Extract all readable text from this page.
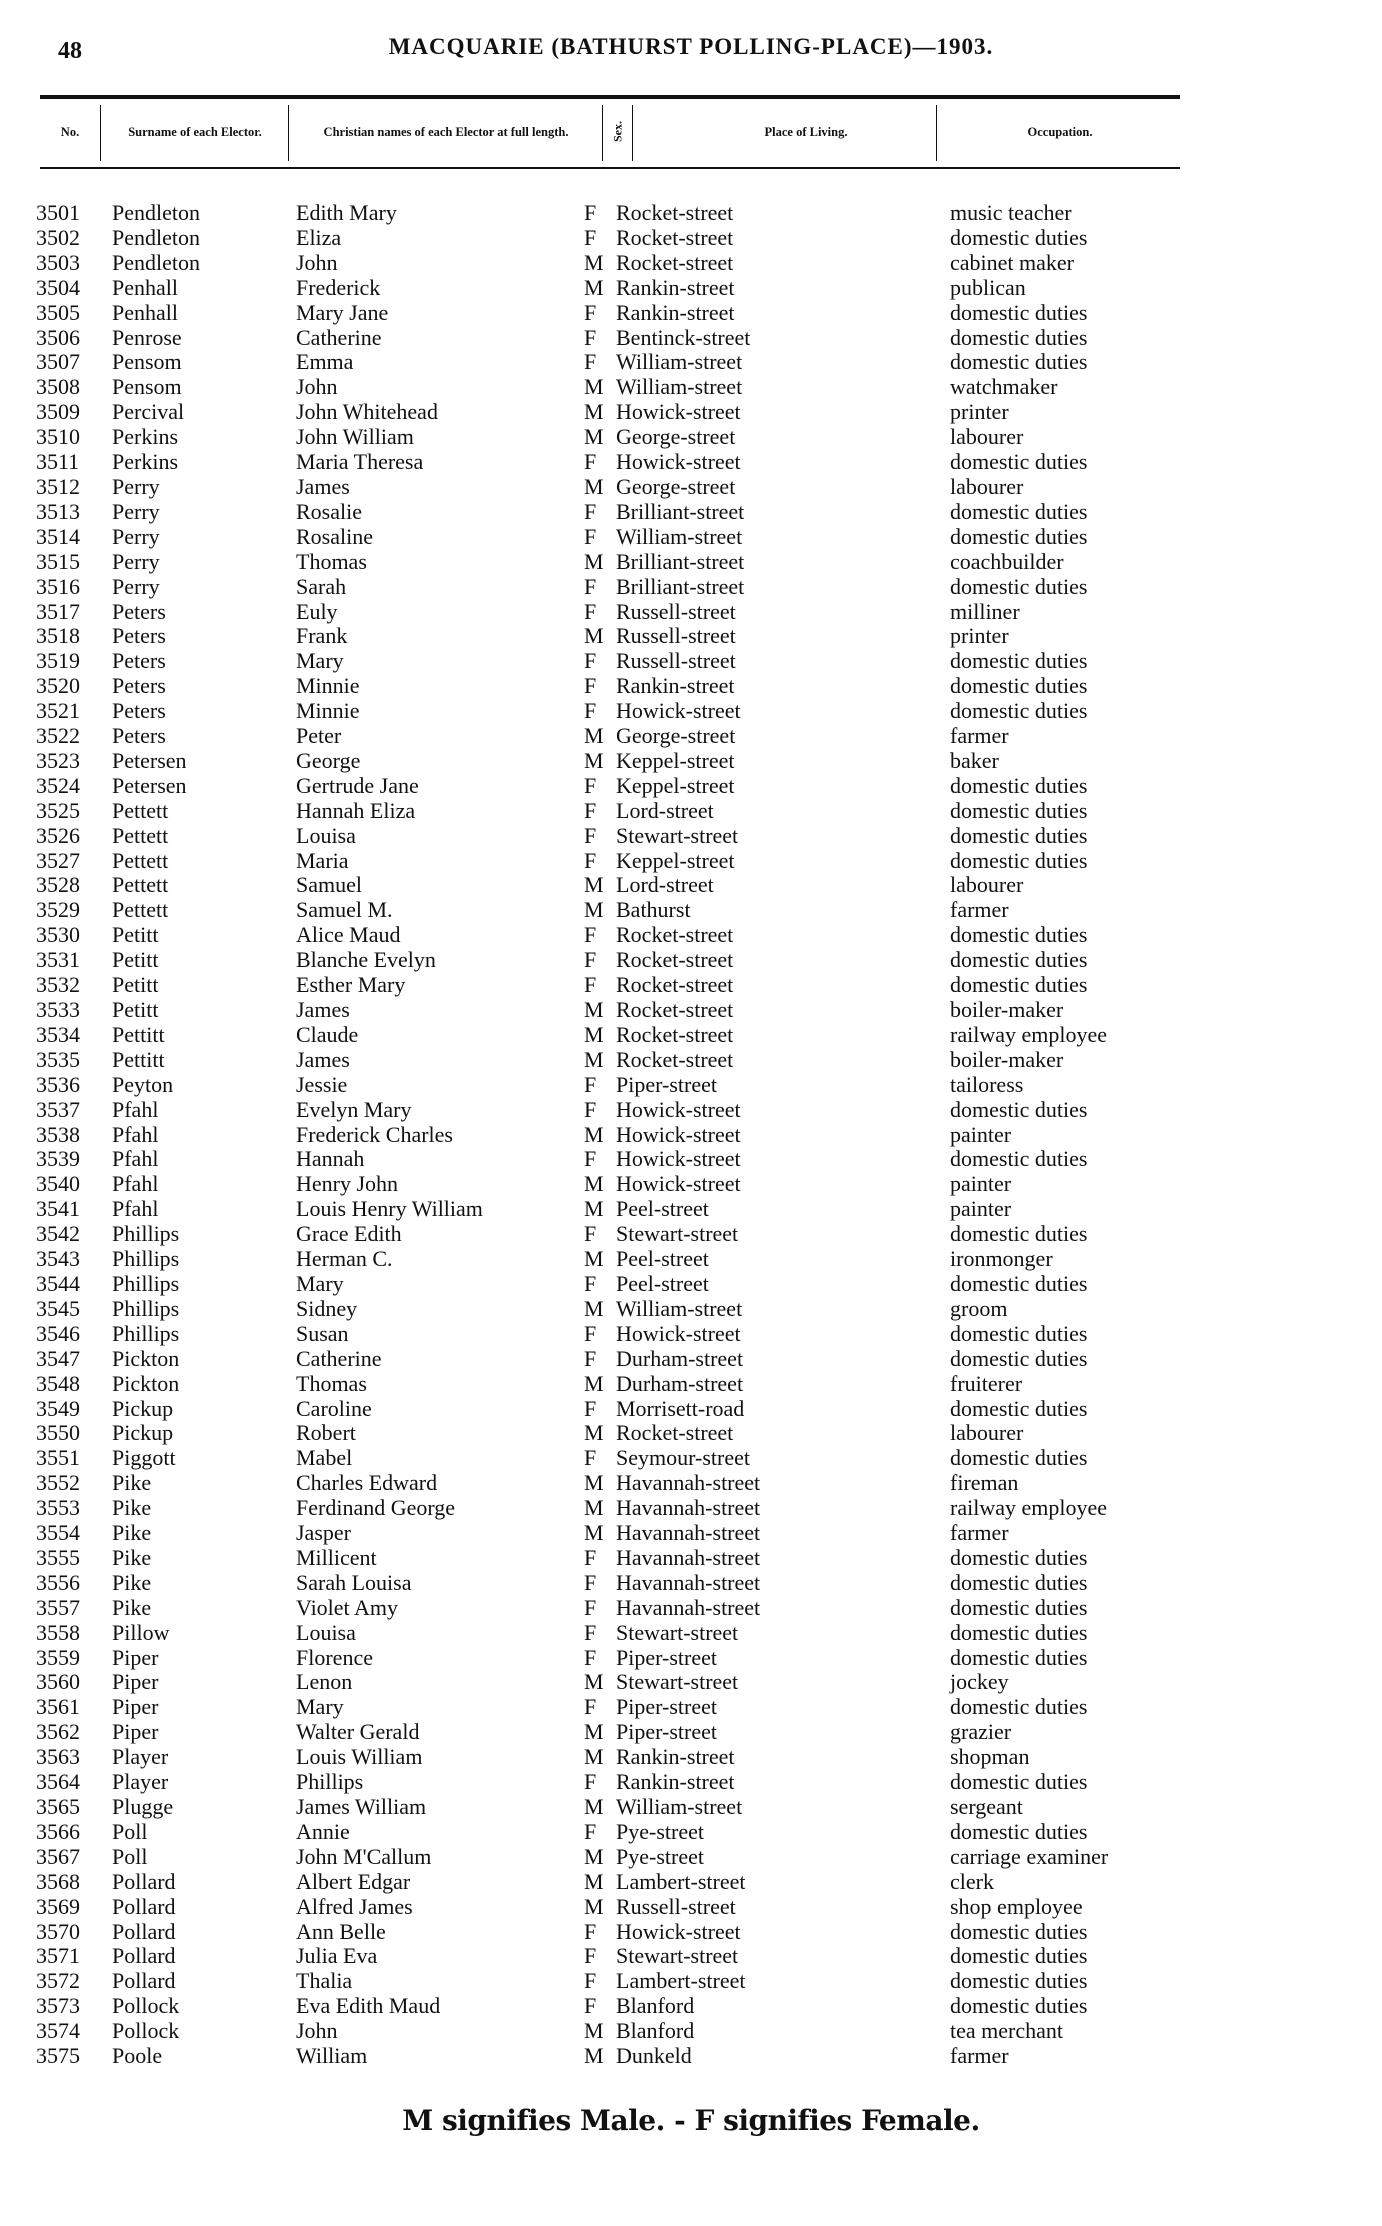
48	MACQUARIE (BATHURST POLLING-PLACE)—1903.
No.	Surname of each Elector.	Christian names of each Elector at full length.	Sex.	Place of Living.	Occupation.
3501 Pendleton	Edith Mary	F Rocket-street	music teacher
3502 Pendleton	Eliza	F Rocket-street	domestic duties
3503 Pendleton	John	M Rocket-street	cabinet maker
3504 Penhall	Frederick	M Rankin-street	publican
3505 Penhall	Mary Jane	F Rankin-street	domestic duties
3506 Penrose	Catherine	F Bentinck-street	domestic duties
3507 Pensom	Emma	F William-street	domestic duties
3508 Pensom	John	M William-street	watchmaker
3509 Percival	John Whitehead	M Howick-street	printer
3510 Perkins	John William	M George-street	labourer
3511 Perkins	Maria Theresa	F Howick-street	domestic duties
3512 Perry	James	M George-street	labourer
3513 Perry	Rosalie	F Brilliant-street	domestic duties
3514 Perry	Rosaline	F William-street	domestic duties
3515 Perry	Thomas	M Brilliant-street	coachbuilder
3516 Perry	Sarah	F Brilliant-street	domestic duties
3517 Peters	Euly	F Russell-street	milliner
3518 Peters	Frank	M Russell-street	printer
3519 Peters	Mary	F Russell-street	domestic duties
3520 Peters	Minnie	F Rankin-street	domestic duties
3521 Peters	Minnie	F Howick-street	domestic duties
3522 Peters	Peter	M George-street	farmer
3523 Petersen	George	M Keppel-street	baker
3524 Petersen	Gertrude Jane	F Keppel-street	domestic duties
3525 Pettett	Hannah Eliza	F Lord-street	domestic duties
3526 Pettett	Louisa	F Stewart-street	domestic duties
3527 Pettett	Maria	F Keppel-street	domestic duties
3528 Pettett	Samuel	M Lord-street	labourer
3529 Pettett	Samuel M.	M Bathurst	farmer
3530 Petitt	Alice Maud	F Rocket-street	domestic duties
3531 Petitt	Blanche Evelyn	F Rocket-street	domestic duties
3532 Petitt	Esther Mary	F Rocket-street	domestic duties
3533 Petitt	James	M Rocket-street	boiler-maker
3534 Pettitt	Claude	M Rocket-street	railway employee
3535 Pettitt	James	M Rocket-street	boiler-maker
3536 Peyton	Jessie	F Piper-street	tailoress
3537 Pfahl	Evelyn Mary	F Howick-street	domestic duties
3538 Pfahl	Frederick Charles	M Howick-street	painter
3539 Pfahl	Hannah	F Howick-street	domestic duties
3540 Pfahl	Henry John	M Howick-street	painter
3541 Pfahl	Louis Henry William	M Peel-street	painter
3542 Phillips	Grace Edith	F Stewart-street	domestic duties
3543 Phillips	Herman C.	M Peel-street	ironmonger
3544 Phillips	Mary	F Peel-street	domestic duties
3545 Phillips	Sidney	M William-street	groom
3546 Phillips	Susan	F Howick-street	domestic duties
3547 Pickton	Catherine	F Durham-street	domestic duties
3548 Pickton	Thomas	M Durham-street	fruiterer
3549 Pickup	Caroline	F Morrisett-road	domestic duties
3550 Pickup	Robert	M Rocket-street	labourer
3551 Piggott	Mabel	F Seymour-street	domestic duties
3552 Pike	Charles Edward	M Havannah-street	fireman
3553 Pike	Ferdinand George	M Havannah-street	railway employee
3554 Pike	Jasper	M Havannah-street	farmer
3555 Pike	Millicent	F Havannah-street	domestic duties
3556 Pike	Sarah Louisa	F Havannah-street	domestic duties
3557 Pike	Violet Amy	F Havannah-street	domestic duties
3558 Pillow	Louisa	F Stewart-street	domestic duties
3559 Piper	Florence	F Piper-street	domestic duties
3560 Piper	Lenon	M Stewart-street	jockey
3561 Piper	Mary	F Piper-street	domestic duties
3562 Piper	Walter Gerald	M Piper-street	grazier
3563 Player	Louis William	M Rankin-street	shopman
3564 Player	Phillips	F Rankin-street	domestic duties
3565 Plugge	James William	M William-street	sergeant
3566 Poll	Annie	F Pye-street	domestic duties
3567 Poll	John M'Callum	M Pye-street	carriage examiner
3568 Pollard	Albert Edgar	M Lambert-street	clerk
3569 Pollard	Alfred James	M Russell-street	shop employee
3570 Pollard	Ann Belle	F Howick-street	domestic duties
3571 Pollard	Julia Eva	F Stewart-street	domestic duties
3572 Pollard	Thalia	F Lambert-street	domestic duties
3573 Pollock	Eva Edith Maud	F Blanford	domestic duties
3574 Pollock	John	M Blanford	tea merchant
3575 Poole	William	M Dunkeld	farmer
M signifies Male. - F signifies Female.
